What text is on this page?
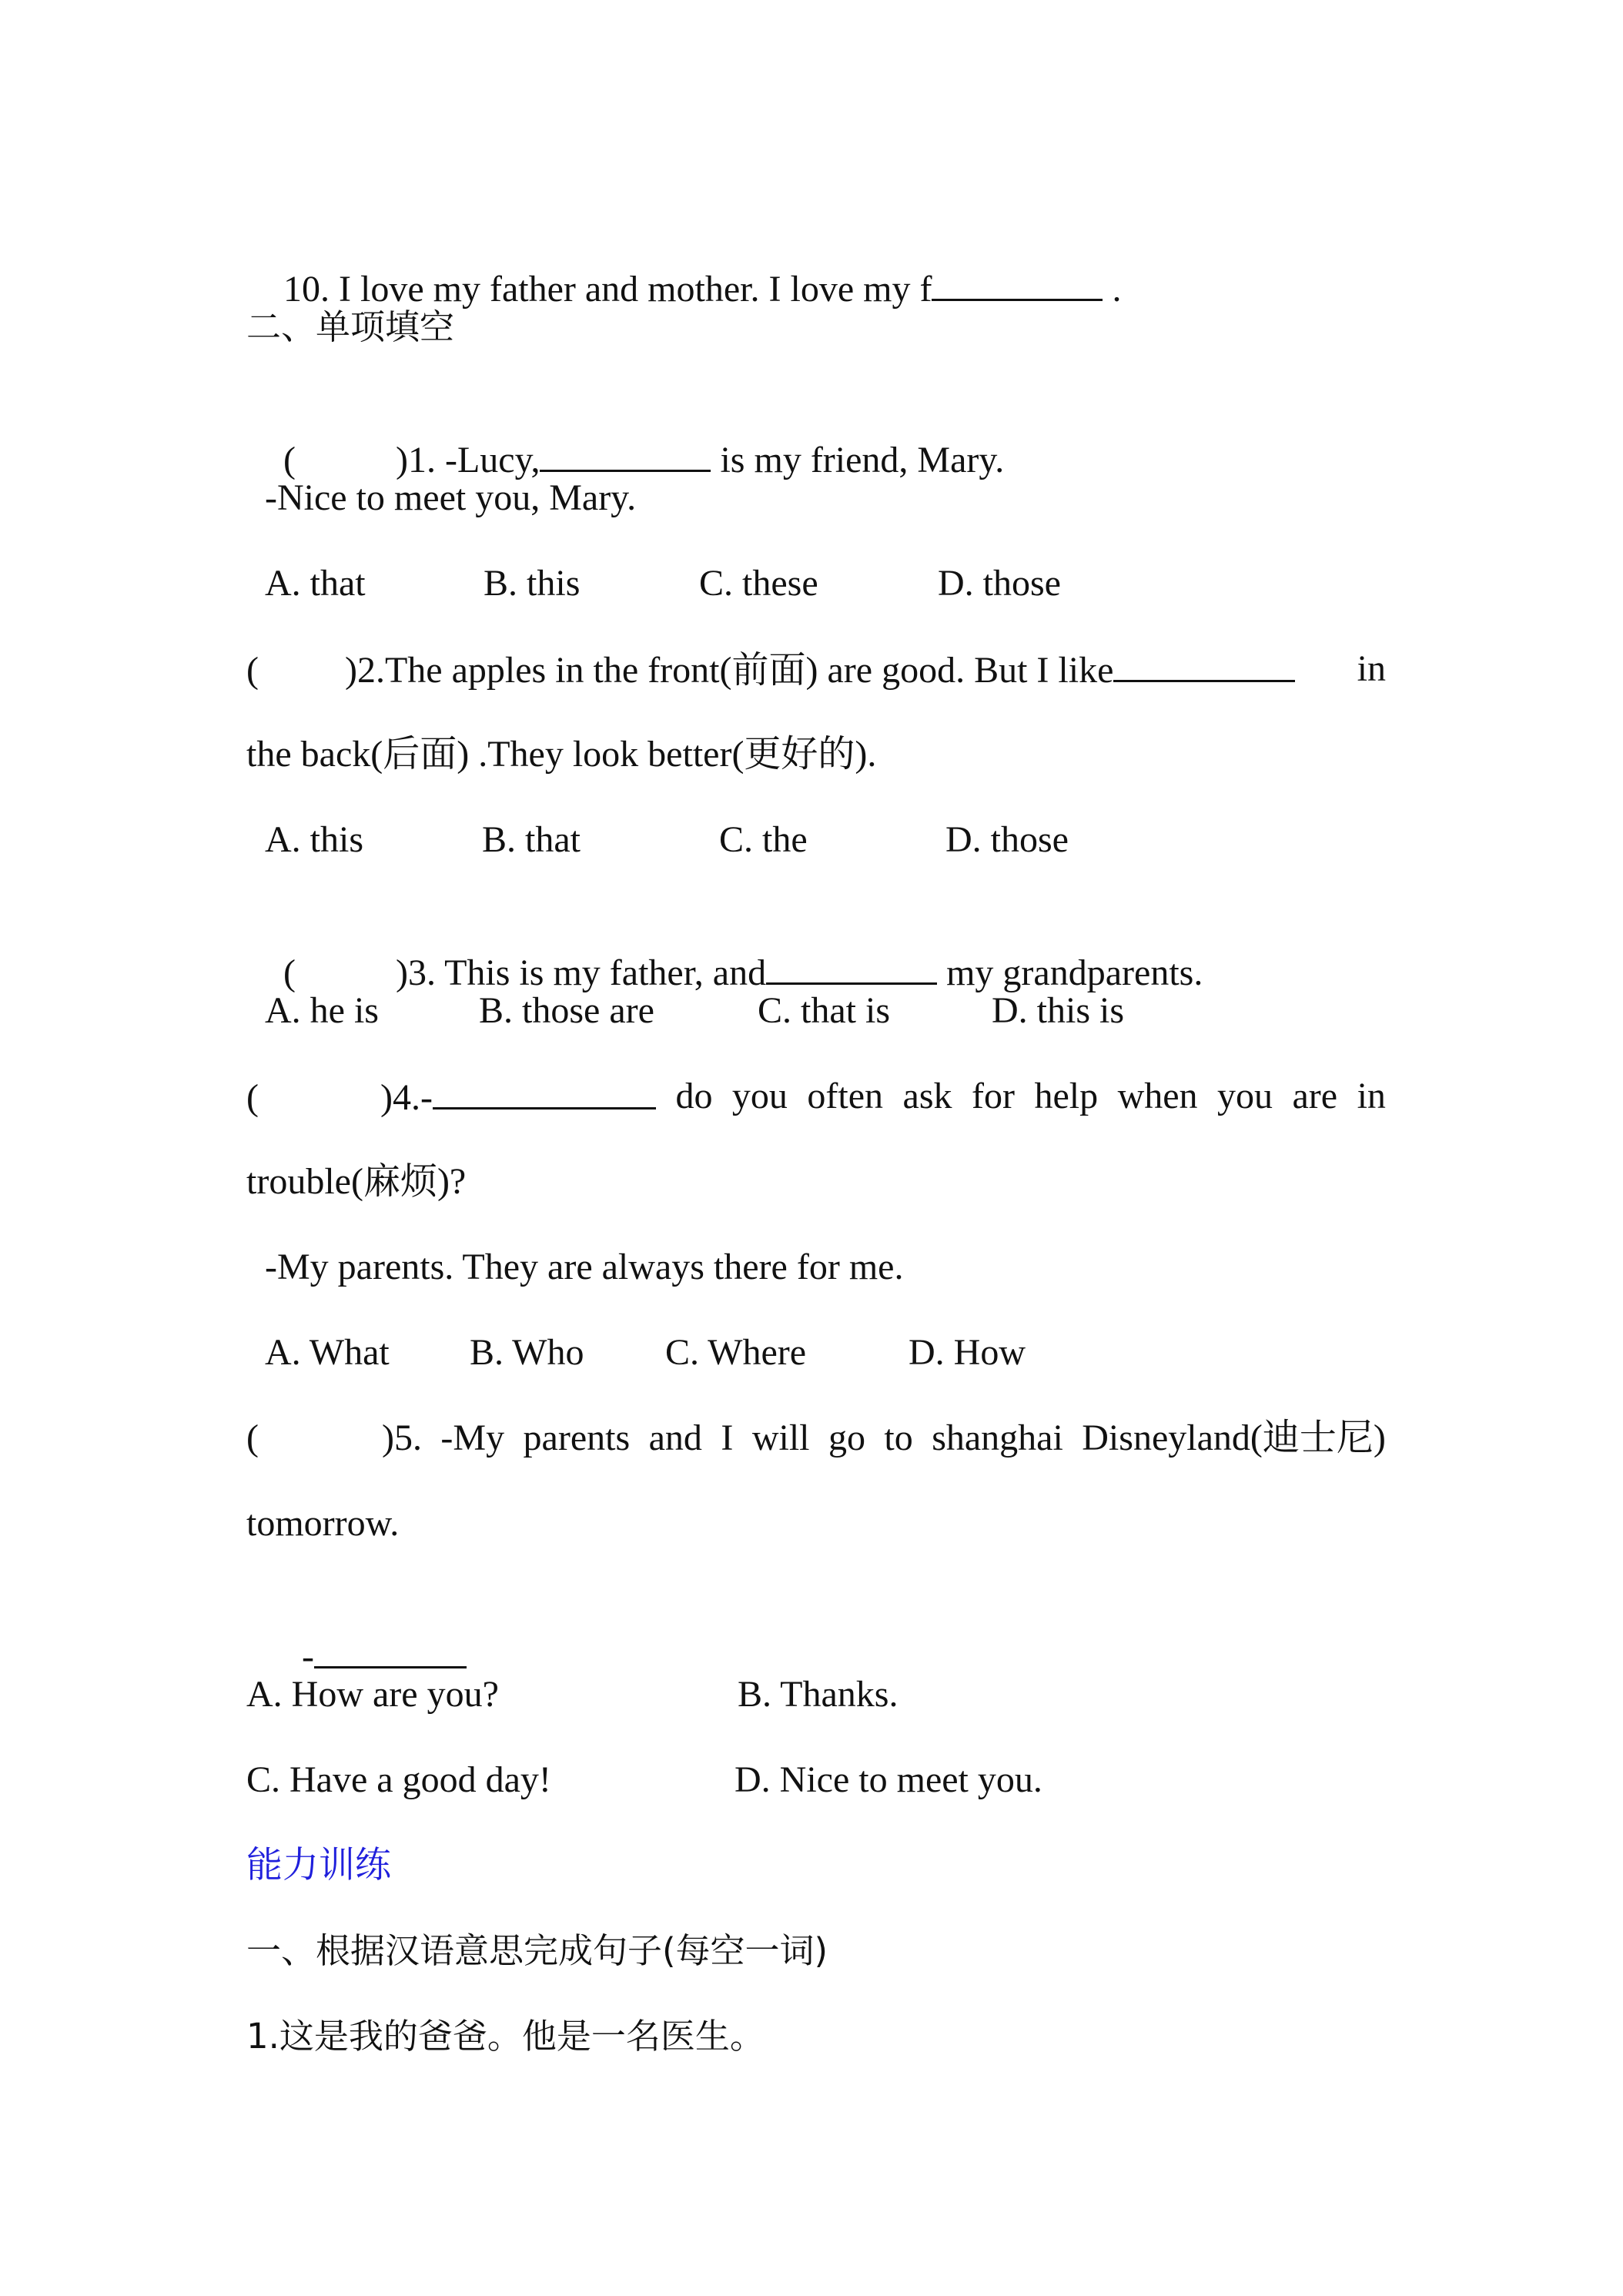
10. I love my father and mother. I love my f	.

二、单项填空

(	)1. -Lucy,	is my friend, Mary.

-Nice to meet you, Mary.
A. that	B. this	C. these	D. those
( )2.The apples in the front(前面) are good. But I like	in
the back(后面) .They look better(更好的).
A. this	B. that	C. the	D. those

(	)3. This is my father, and	my grandparents.

A. he is	B. those are	C. that is	D. this is
(	)4.-	do you often ask for help when you are in
trouble(麻烦)?
-My parents. They are always there for me.
A. What B. Who C. Where	D. How
(	)5. -My parents and I will go to shanghai Disneyland(迪士尼)
tomorrow.

-

A. How are you?	B. Thanks.
C. Have a good day!	D. Nice to meet you.
能力训练
一、根据汉语意思完成句子(每空一词)
1.这是我的爸爸。他是一名医生。
